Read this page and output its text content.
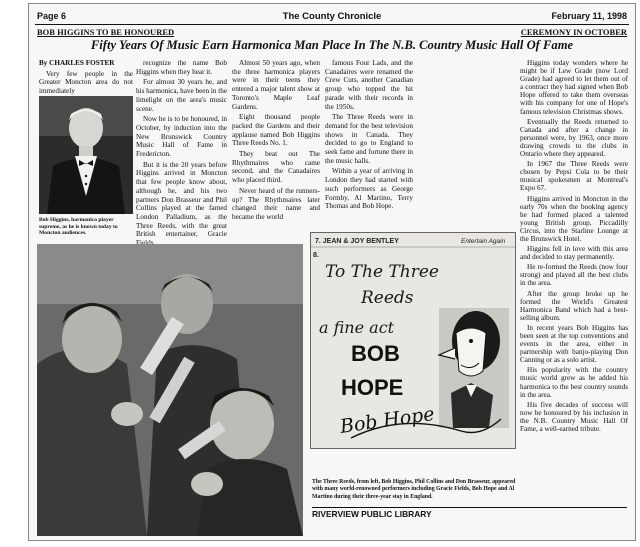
Page 6	The County Chronicle	February 11, 1998
BOB HIGGINS TO BE HONOURED	CEREMONY IN OCTOBER
Fifty Years Of Music Earn Harmonica Man Place In The N.B. Country Music Hall Of Fame

By CHARLES FOSTER

Very few people in the Greater Moncton area do not immediately

Bob Higgins, harmonica player supreme, as he is known today to Moncton audiences.

recognize the name Bob Higgins when they hear it.

For almost 30 years he, and his harmonica, have been in the limelight on the area's music scene.

Now he is to be honoured, in October, by induction into the New Brunswick Country Music Hall of Fame in Fredericton.

But it is the 20 years before Higgins arrived in Moncton that few people know about, although he, and his two partners Don Brasseur and Phil Collins played at the famed London Palladium, as the Three Reeds, with the great British entertainer, Gracie

Almost 50 years ago, when the three harmonica players were in their teens they entered a major talent show at Toronto's Maple Leaf Gardens.

Eight thousand people packed the Gardens and their applause named Bob Higgins Three Reeds No. 1.

They beat out The Rhythmaires who came second, and the Canadaires who placed third.

Never heard of the runners-up? The Rhythmaires later changed their name and became the world

famous Four Lads, and the Canadaires were renamed the Crew Cuts, another Canadian group who topped the hit parade with their records in the 1950s.

The Three Reeds were in demand for the best television shows in Canada. They decided to go to England to seek fame and fortune there in the music halls.

Within a year of arriving in London they had started with such performers as George Formby, Al Martino, Terry Thomas and Bob Hope.

Higgins today wonders where he might be if Lew Grade (now Lord Grade) had agreed to let them out of a contract they had signed when Bob Hope offered to take them overseas with his company for one of Hope's famous television Christmas shows.

Eventually the Reeds returned to Canada and after a change in personnel were, by 1963, once more drawing crowds to the clubs in Ontario where they appeared.

In 1967 the Three Reeds were chosen by Pepsi Cola to be their musical spokesmen at Montreal's Expo 67.

Higgins arrived in Moncton in the early 70s when the booking agency he had formed placed a talented young British group, Piccadilly Circus, into the Starline Lounge at the Brunswick Hotel.

Higgins fell in love with this area and decided to stay permanently.

He re-formed the Reeds (now four strong) and played all the best clubs in the area.

After the group broke up he formed the World's Greatest Harmonica Band which had a best-selling album.

In recent years Bob Higgins has been seen at the top conventions and events in the area, either in partnership with banjo-playing Don Canning or as a solo artist.

His popularity with the country music world grew as he added his harmonica to the best country sounds in the area.

His five decades of success will now be honoured by his inclusion in the N.B. Country Music Hall Of Fame, a well-earned tribute.

7. JEAN & JOY BENTLEY	Entertain Again
8.
To The Three
Reeds
a fine act
BOB
HOPE
Bob Hope
The Three Reeds, from left, Bob Higgins, Phil Collins and Don Brasseur, appeared with many world-renowned performers including Gracie Fields, Bob Hope and Al Martino during their three-year stay in England.
RIVERVIEW PUBLIC LIBRARY
